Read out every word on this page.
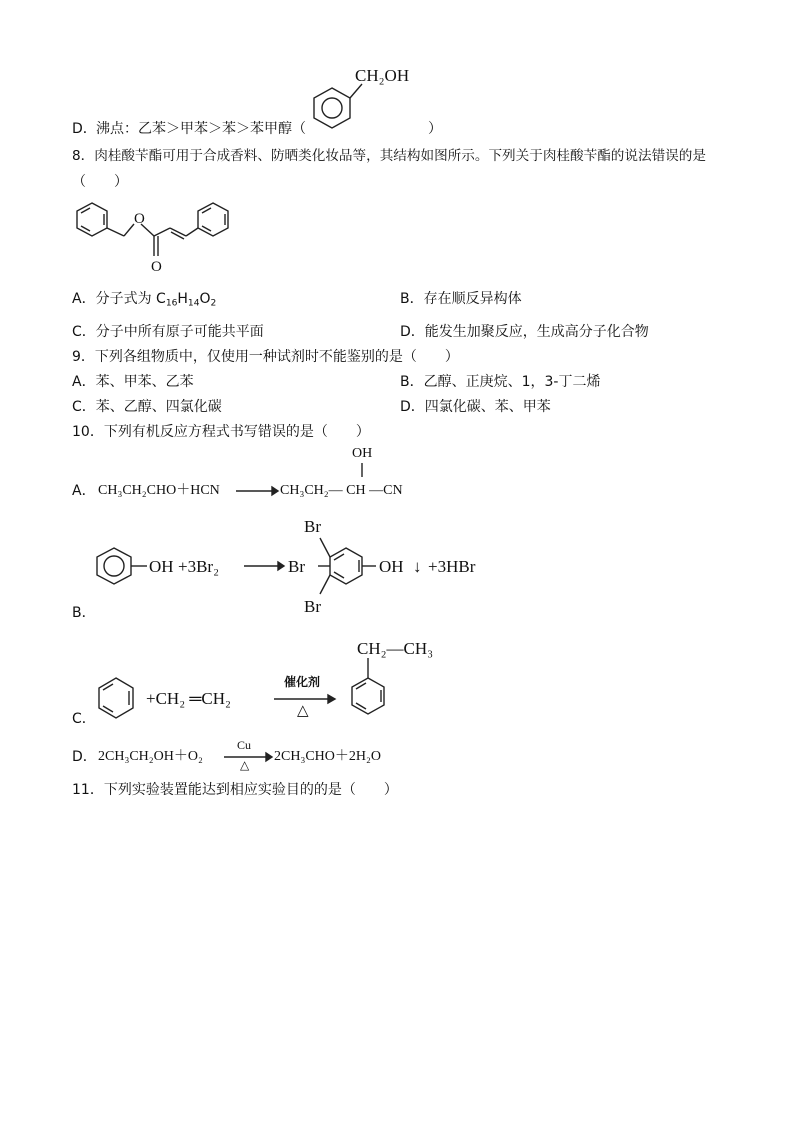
D． 沸点：乙苯＞甲苯＞苯＞苯甲醇（
CH₂OH
）
8．肉桂酸苄酯可用于合成香料、防晒类化妆品等，其结构如图所示。下列关于肉桂酸苄酯的说法错误的是
（　　）
O
O
A．分子式为 $C_{16}H_{14}O_2$	B．存在顺反异构体
C．分子中所有原子可能共平面	D．能发生加聚反应，生成高分子化合物
9．下列各组物质中，仅使用一种试剂时不能鉴别的是（　　）
A．苯、甲苯、乙苯	B．乙醇、正庚烷、1，3-丁二烯
C．苯、乙醇、四氯化碳	D．四氯化碳、苯、甲苯
10．下列有机反应方程式书写错误的是（　　）
OH
A． CH₃CH₂CHO＋HCN	CH₃CH₂— CH —CN
OH +3Br₂
Br
Br
Br
OH ↓ +3HBr
B．
+CH₂ ═CH₂
催化剂
△
CH₂—CH₃
C．
D． 2CH₃CH₂OH＋O₂
Cu
△
2CH₃CHO＋2H₂O
11．下列实验装置能达到相应实验目的的是（　　）
